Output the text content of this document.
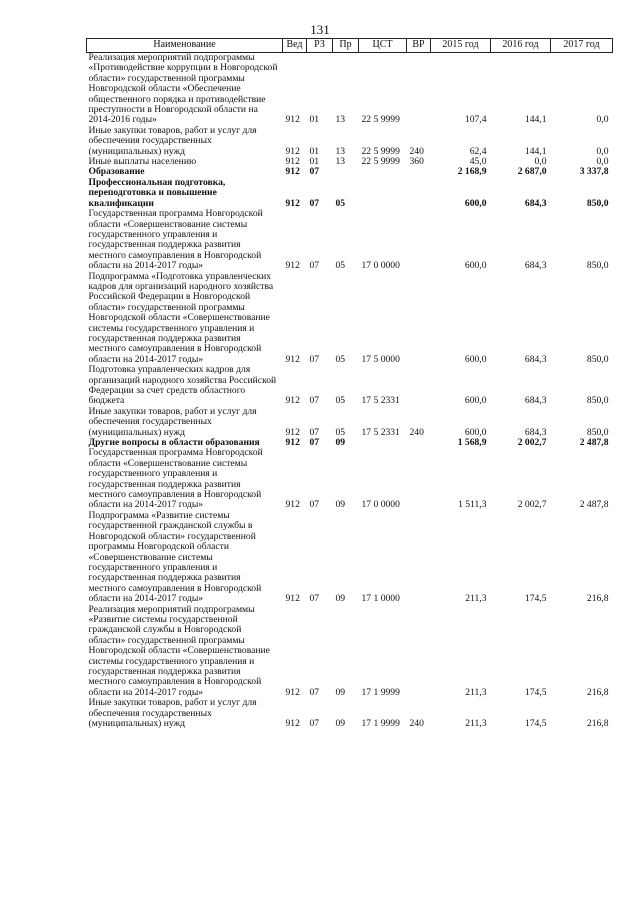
131
Наименование	Вед	РЗ	Пр	ЦСТ	ВР	2015 год	2016 год	2017 год
Реализация мероприятий подпрограммы «Противодействие коррупции в Новгородской области» государственной программы Новгородской области «Обеспечение общественного порядка и противодействие преступности в Новгородской области на 2014-2016 годы»	912	01	13	22 5 9999		107,4	144,1	0,0
Иные закупки товаров, работ и услуг для обеспечения государственных (муниципальных) нужд	912	01	13	22 5 9999	240	62,4	144,1	0,0
Иные выплаты населению	912	01	13	22 5 9999	360	45,0	0,0	0,0
Образование	912	07				2 168,9	2 687,0	3 337,8
Профессиональная подготовка, переподготовка и повышение квалификации	912	07	05			600,0	684,3	850,0
Государственная программа Новгородской области «Совершенствование системы государственного управления и государственная поддержка развития местного самоуправления в Новгородской области на 2014-2017 годы»	912	07	05	17 0 0000		600,0	684,3	850,0
Подпрограмма «Подготовка управленческих кадров для организаций народного хозяйства Российской Федерации в Новгородской области» государственной программы Новгородской области «Совершенствование системы государственного управления и государственная поддержка развития местного самоуправления в Новгородской области на 2014-2017 годы»	912	07	05	17 5 0000		600,0	684,3	850,0
Подготовка управленческих кадров для организаций народного хозяйства Российской Федерации за счет средств областного бюджета	912	07	05	17 5 2331		600,0	684,3	850,0
Иные закупки товаров, работ и услуг для обеспечения государственных (муниципальных) нужд	912	07	05	17 5 2331	240	600,0	684,3	850,0
Другие вопросы в области образования	912	07	09			1 568,9	2 002,7	2 487,8
Государственная программа Новгородской области «Совершенствование системы государственного управления и государственная поддержка развития местного самоуправления в Новгородской области на 2014-2017 годы»	912	07	09	17 0 0000		1 511,3	2 002,7	2 487,8
Подпрограмма «Развитие системы государственной гражданской службы в Новгородской области» государственной программы Новгородской области «Совершенствование системы государственного управления и государственная поддержка развития местного самоуправления в Новгородской области на 2014-2017 годы»	912	07	09	17 1 0000		211,3	174,5	216,8
Реализация мероприятий подпрограммы «Развитие системы государственной гражданской службы в Новгородской области» государственной программы Новгородской области «Совершенствование системы государственного управления и государственная поддержка развития местного самоуправления в Новгородской области на 2014-2017 годы»	912	07	09	17 1 9999		211,3	174,5	216,8
Иные закупки товаров, работ и услуг для обеспечения государственных (муниципальных) нужд	912	07	09	17 1 9999	240	211,3	174,5	216,8
